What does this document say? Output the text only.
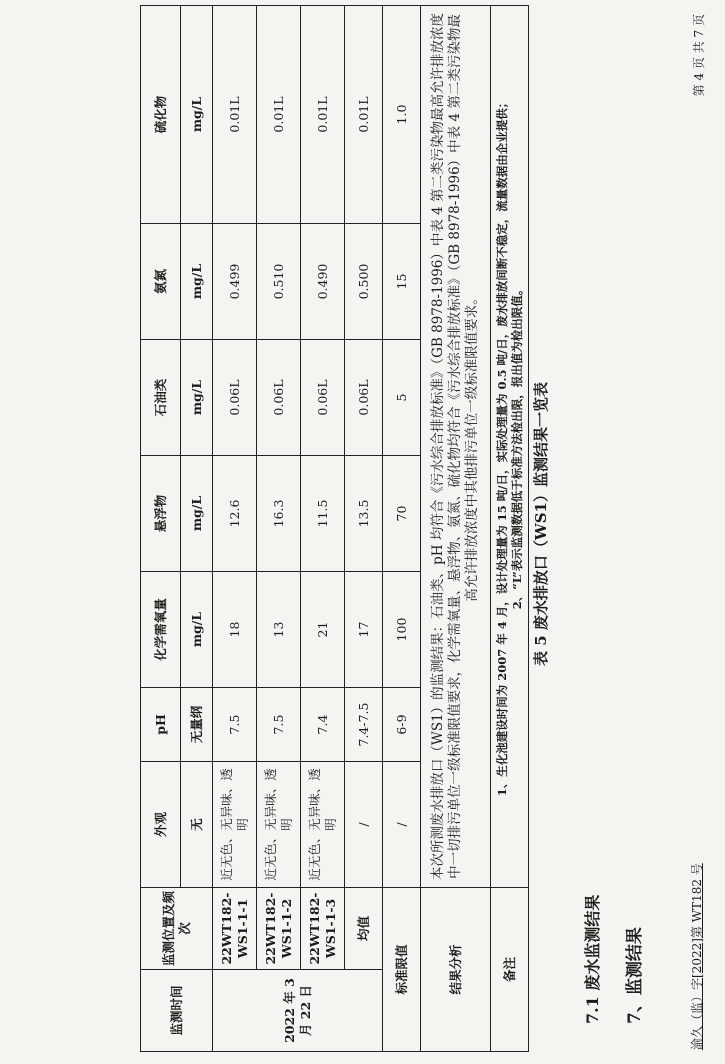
渝久（监）字[2022]第 WT182 号
第 4 页 共 7 页
7、监测结果
7.1 废水监测结果
表 5 废水排放口（WS1）监测结果一览表
监测时间	监测位置及频次	外观	pH	化学需氧量	悬浮物	石油类	氨氮	硫化物
		无	无量纲	mg/L	mg/L	mg/L	mg/L	mg/L
2022 年 3 月 22 日	22WT182-WS1-1-1	近无色、无异味、透明	7.5	18	12.6	0.06L	0.499	0.01L
	22WT182-WS1-1-2	近无色、无异味、透明	7.5	13	16.3	0.06L	0.510	0.01L
	22WT182-WS1-1-3	近无色、无异味、透明	7.4	21	11.5	0.06L	0.490	0.01L
	均值	/	7.4-7.5	17	13.5	0.06L	0.500	0.01L
标准限值		/	6-9	100	70	5	15	1.0
结果分析		本次所测废水排放口（WS1）的监测结果：石油类、pH 均符合《污水综合排放标准》（GB 8978-1996）中表 4 第二类污染物最高允许排放浓度中一切排污单位一级标准限值要求，化学需氧量、悬浮物、氨氮、硫化物均符合《污水综合排放标准》（GB 8978-1996）中表 4 第二类污染物最高允许排放浓度中其他排污单位一级标准限值要求。						
备注		1、生化池建设时间为 2007 年 4 月，设计处理量为 15 吨/日，实际处理量为 0.5 吨/日，废水排放间断不稳定，流量数据由企业提供； 2、“L”表示监测数据低于标准方法检出限，报出值为检出限值。						
